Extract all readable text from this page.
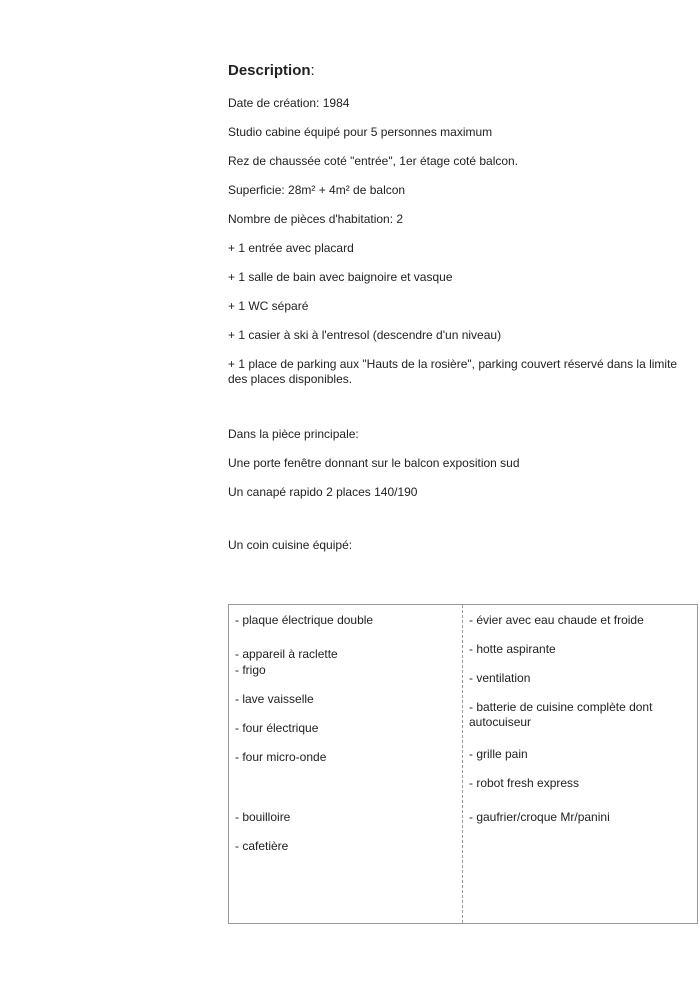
Description:
Date de création: 1984
Studio cabine équipé pour 5 personnes maximum
Rez de chaussée coté "entrée", 1er étage coté balcon.
Superficie: 28m² + 4m² de balcon
Nombre de pièces d'habitation: 2
+ 1 entrée avec placard
+ 1 salle de bain avec baignoire et vasque
+ 1 WC séparé
+ 1 casier à ski à l'entresol (descendre d'un niveau)
+ 1 place de parking aux "Hauts de la rosière", parking couvert réservé dans la limite des places disponibles.
Dans la pièce principale:
Une porte fenêtre donnant sur le balcon exposition sud
Un canapé rapido 2 places 140/190
Un coin cuisine équipé:
- plaque électrique double
- appareil à raclette
- frigo
- lave vaisselle
- four électrique
- four micro-onde
- bouilloire
- cafetière
- évier avec eau chaude et froide
- hotte aspirante
- ventilation
- batterie de cuisine complète dont autocuiseur
- grille pain
- robot fresh express
- gaufrier/croque Mr/panini
